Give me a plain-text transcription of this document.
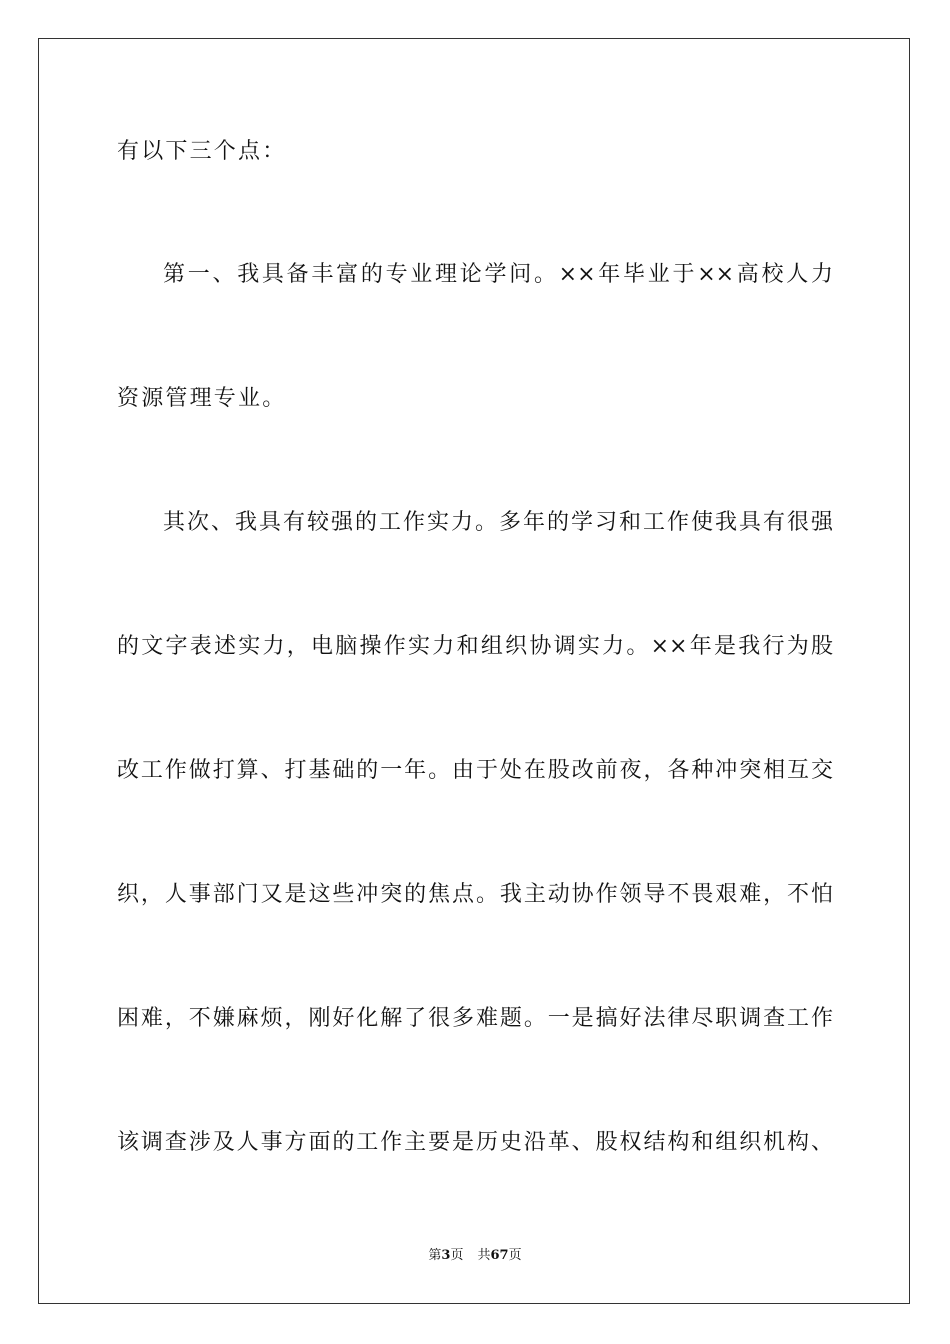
有以下三个点：
第一、我具备丰富的专业理论学问。××年毕业于××高校人力
资源管理专业。
其次、我具有较强的工作实力。多年的学习和工作使我具有很强
的文字表述实力，电脑操作实力和组织协调实力。××年是我行为股
改工作做打算、打基础的一年。由于处在股改前夜，各种冲突相互交
织，人事部门又是这些冲突的焦点。我主动协作领导不畏艰难，不怕
困难，不嫌麻烦，刚好化解了很多难题。一是搞好法律尽职调查工作
该调查涉及人事方面的工作主要是历史沿革、股权结构和组织机构、
第3页 共67页
